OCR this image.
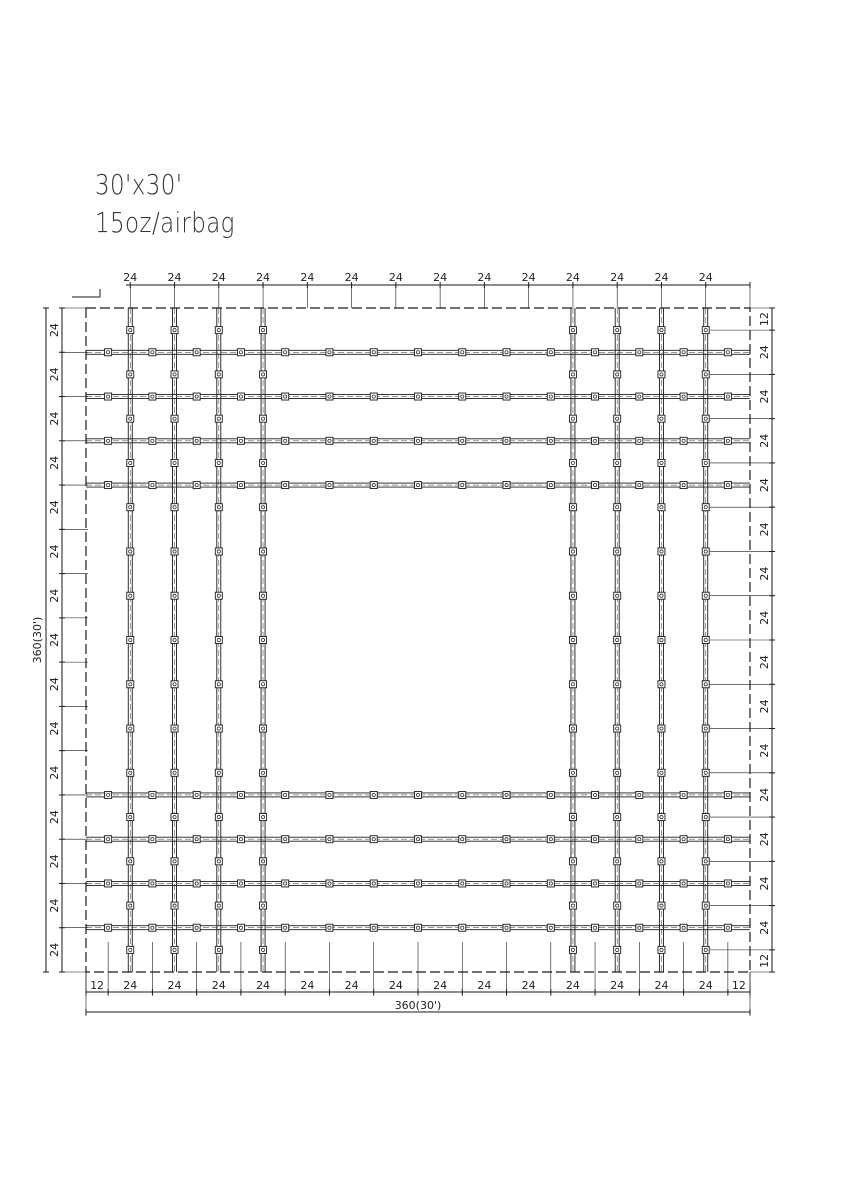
30'x30'
15oz/airbag
24	24	24	24	24	24	24	24	24	24	24	24	24	24
12 24	24	24	24	24	24	24	24	24	24	24	24	24	24 12
360(30')
24
24
24
24
24
24
24
24
24
24
24
24
24
24
24
360(30')
12
24
24
24
24
24
24
24
24
24
24
24
24
24
24
12
